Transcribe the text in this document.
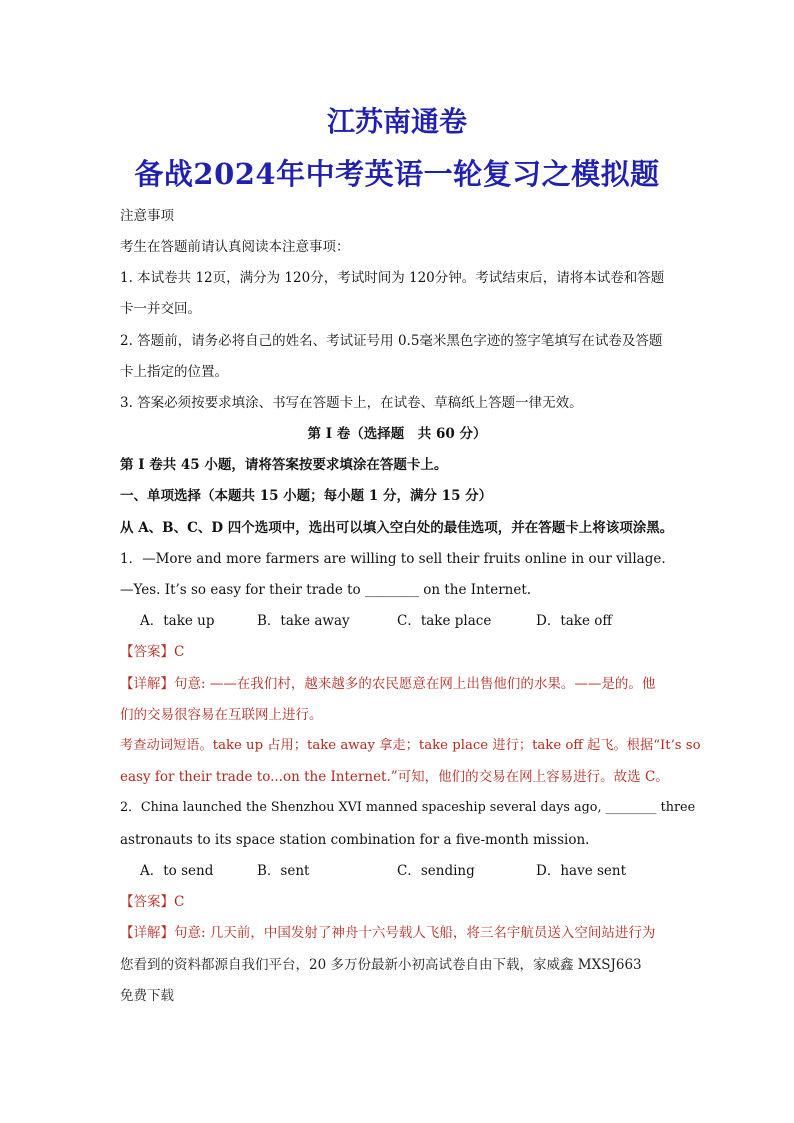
江苏南通卷
备战2024年中考英语一轮复习之模拟题
注意事项
考生在答题前请认真阅读本注意事项：
1. 本试卷共 12页，满分为 120分，考试时间为 120分钟。考试结束后，请将本试卷和答题
卡一并交回。
2. 答题前，请务必将自己的姓名、考试证号用 0.5毫米黑色字迹的签字笔填写在试卷及答题
卡上指定的位置。
3. 答案必须按要求填涂、书写在答题卡上，在试卷、草稿纸上答题一律无效。
第 I 卷（选择题　共 60 分）
第 I 卷共 45 小题，请将答案按要求填涂在答题卡上。
一、单项选择（本题共 15 小题；每小题 1 分，满分 15 分）
从 A、B、C、D 四个选项中，选出可以填入空白处的最佳选项，并在答题卡上将该项涂黑。
1．—More and more farmers are willing to sell their fruits online in our village.
—Yes. It’s so easy for their trade to ________ on the Internet.
A．take up	B．take away	C．take place	D．take off
【答案】C
【详解】句意: ——在我们村，越来越多的农民愿意在网上出售他们的水果。——是的。他
们的交易很容易在互联网上进行。
考查动词短语。take up 占用；take away 拿走；take place 进行；take off 起飞。根据“It’s so
easy for their trade to...on the Internet.”可知，他们的交易在网上容易进行。故选 C。
2．China launched the Shenzhou XVI manned spaceship several days ago, ________ three
astronauts to its space station combination for a five-month mission.
A．to send	B．sent	C．sending	D．have sent
【答案】C
【详解】句意: 几天前，中国发射了神舟十六号载人飞船，将三名宇航员送入空间站进行为
您看到的资料都源自我们平台，20 多万份最新小初高试卷自由下载，家威鑫 MXSJ663
免费下载
